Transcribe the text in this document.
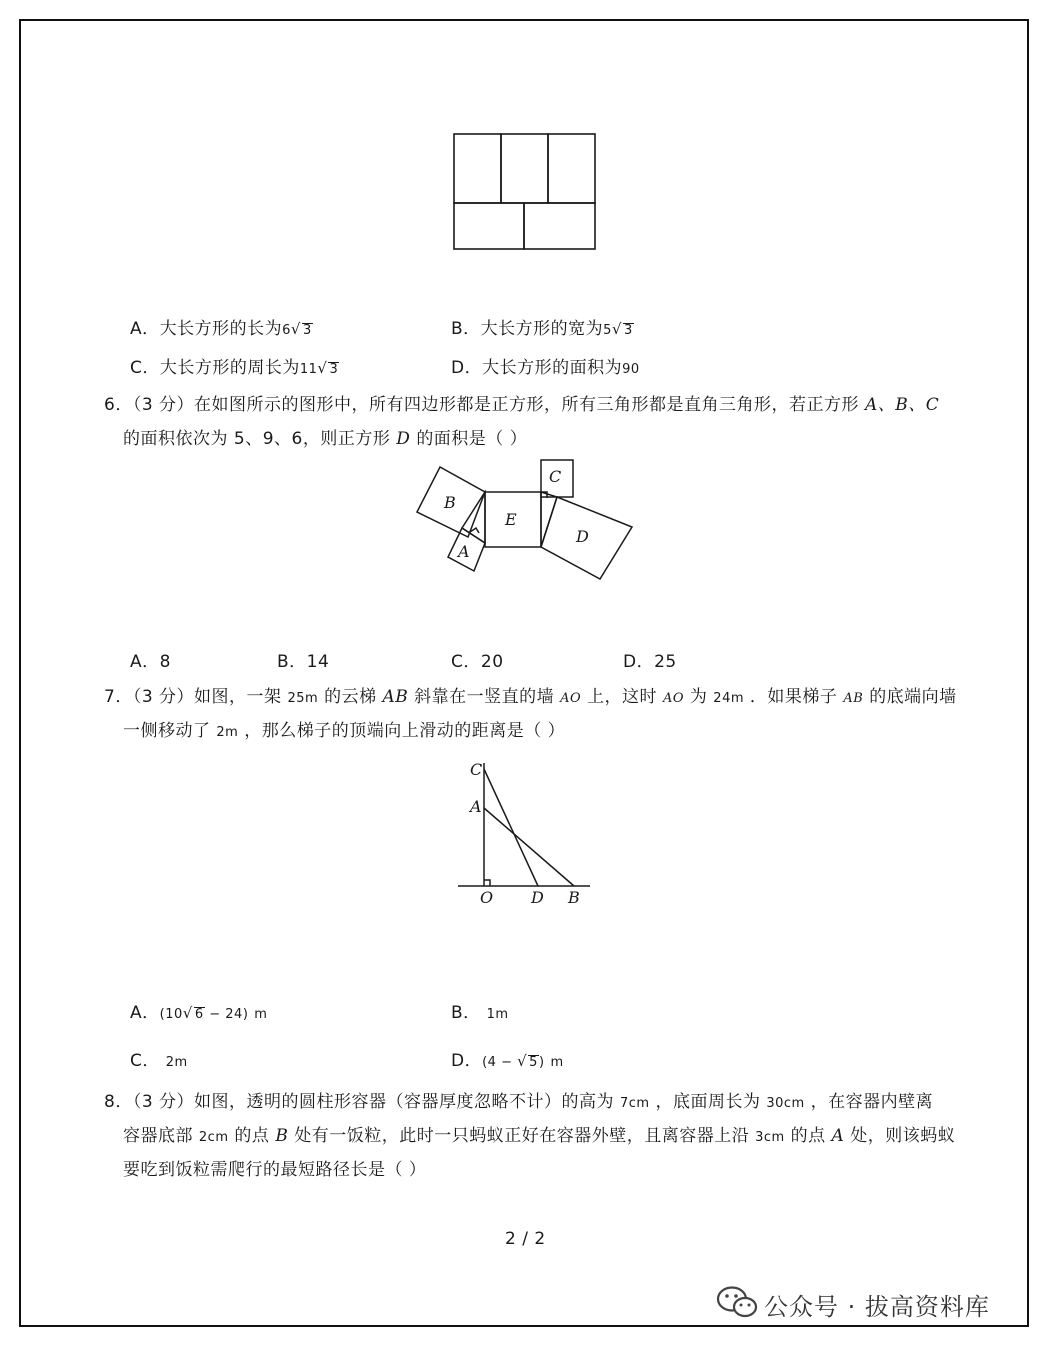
A．大长方形的长为6√ 3	B．大长方形的宽为5√ 3
C．大长方形的周长为11√ 3	D．大长方形的面积为90
6．（3 分）在如图所示的图形中，所有四边形都是正方形，所有三角形都是直角三角形，若正方形 A、B、C
的面积依次为 5、9、6，则正方形 D 的面积是（ ）
B
A
E
C
D
A．8	B．14	C．20	D．25
7．（3 分）如图，一架 25m 的云梯 AB 斜靠在一竖直的墙 AO 上，这时 AO 为 24m ．如果梯子 AB 的底端向墙
一侧移动了 2m ，那么梯子的顶端向上滑动的距离是（ ）
C
A
O D B
A．(10√ 6 − 24) m	B． 1m
C． 2m	D．(4 − √ 5) m
8．（3 分）如图，透明的圆柱形容器（容器厚度忽略不计）的高为 7cm ，底面周长为 30cm ，在容器内壁离
容器底部 2cm 的点 B 处有一饭粒，此时一只蚂蚁正好在容器外壁，且离容器上沿 3cm 的点 A 处，则该蚂蚁
要吃到饭粒需爬行的最短路径长是（ ）
2 / 2
公众号 · 拔高资料库
